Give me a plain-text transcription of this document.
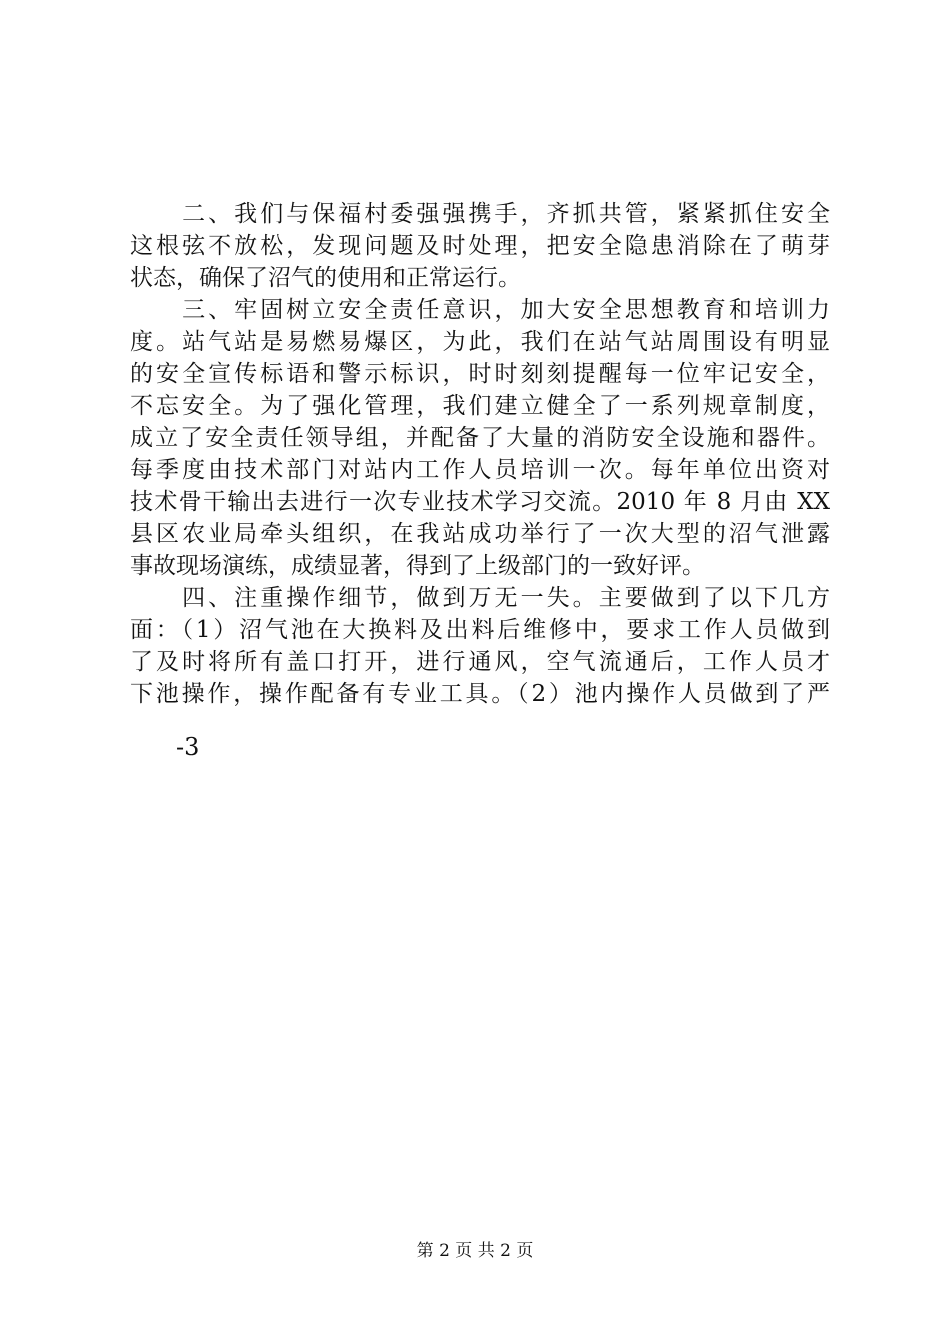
　　二、我们与保福村委强强携手，齐抓共管，紧紧抓住安全
这根弦不放松，发现问题及时处理，把安全隐患消除在了萌芽
状态，确保了沼气的使用和正常运行。
　　三、牢固树立安全责任意识，加大安全思想教育和培训力
度。站气站是易燃易爆区，为此，我们在站气站周围设有明显
的安全宣传标语和警示标识，时时刻刻提醒每一位牢记安全，
不忘安全。为了强化管理，我们建立健全了一系列规章制度，
成立了安全责任领导组，并配备了大量的消防安全设施和器件。
每季度由技术部门对站内工作人员培训一次。每年单位出资对
技术骨干输出去进行一次专业技术学习交流。2010 年 8 月由 XX
县区农业局牵头组织，在我站成功举行了一次大型的沼气泄露
事故现场演练，成绩显著，得到了上级部门的一致好评。
　　四、注重操作细节，做到万无一失。主要做到了以下几方
面：（1）沼气池在大换料及出料后维修中，要求工作人员做到
了及时将所有盖口打开，进行通风，空气流通后，工作人员才
下池操作，操作配备有专业工具。（2）池内操作人员做到了严
-3
第 2 页 共 2 页
